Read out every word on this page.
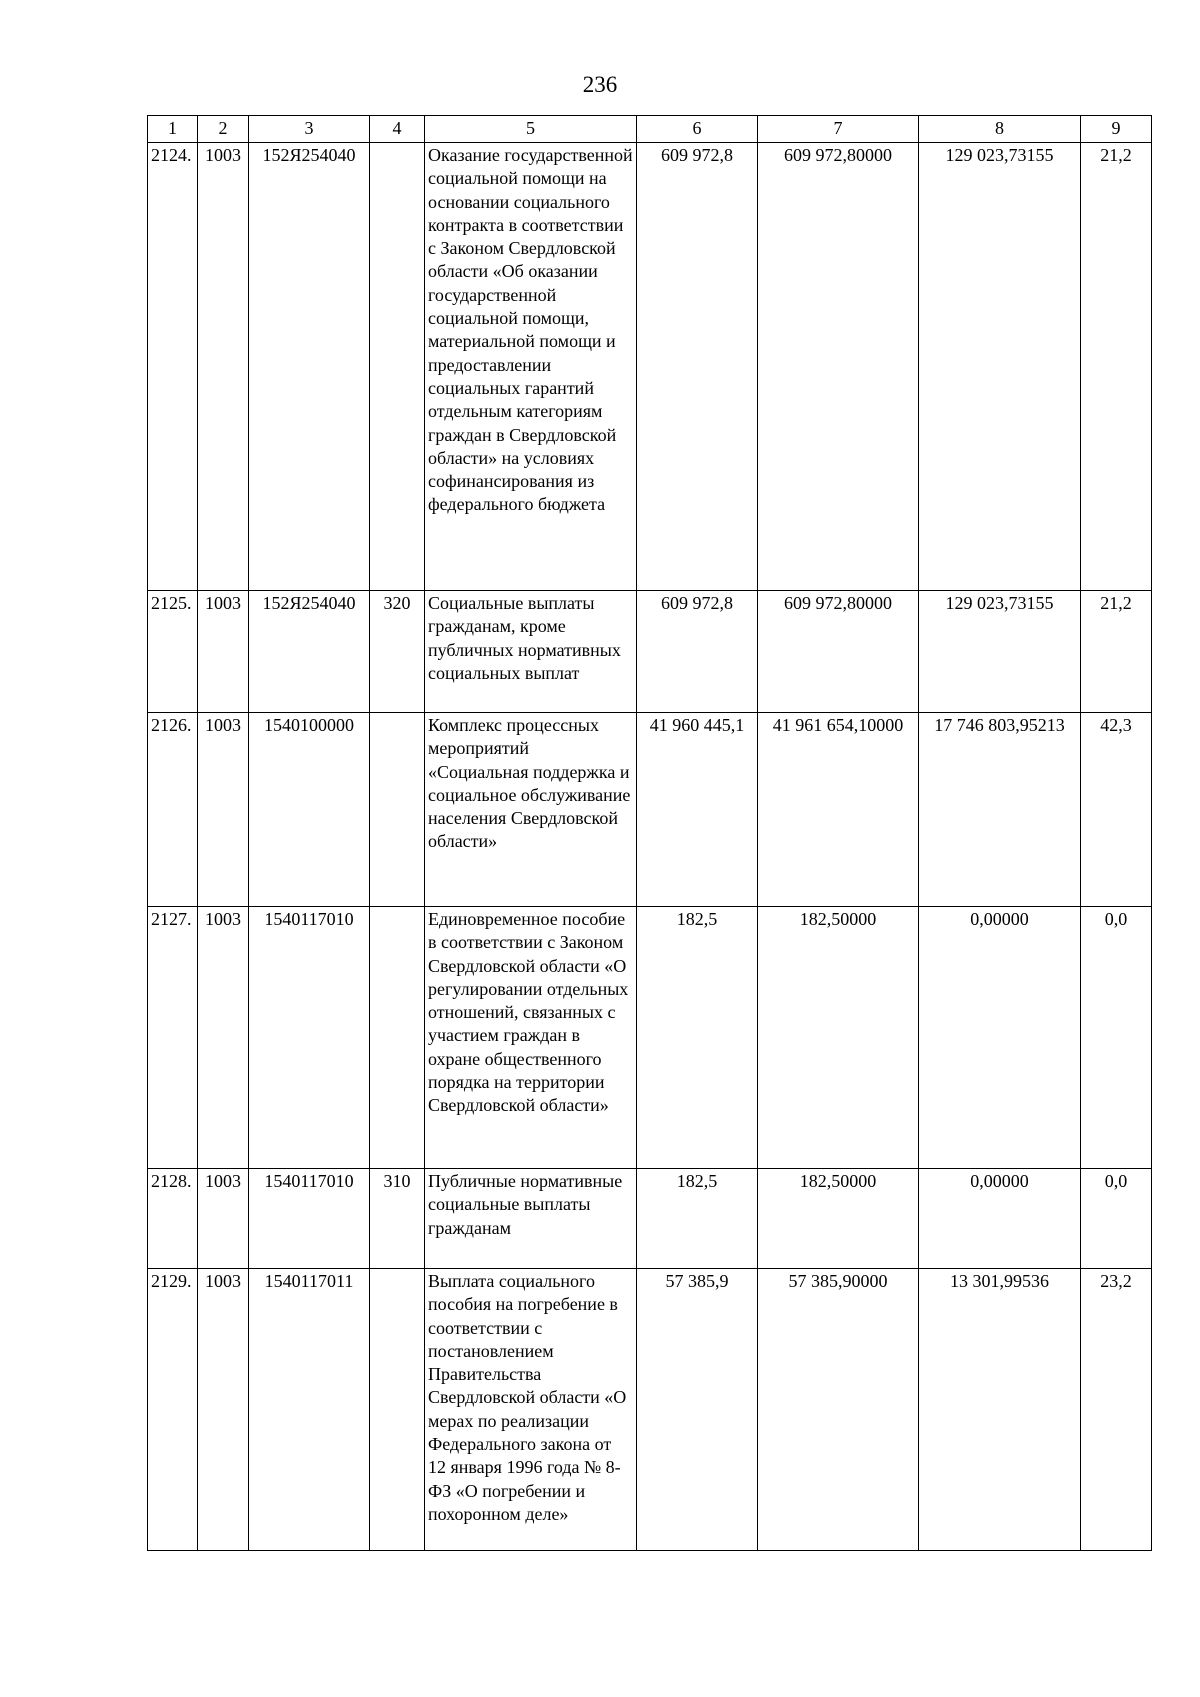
236
1	2	3	4	5	6	7	8	9
2124.	1003	152Я254040		Оказание государственной социальной помощи на основании социального контракта в соответствии с Законом Свердловской области «Об оказании государственной социальной помощи, материальной помощи и предоставлении социальных гарантий отдельным категориям граждан в Свердловской области» на условиях софинансирования из федерального бюджета	609 972,8	609 972,80000	129 023,73155	21,2
2125.	1003	152Я254040	320	Социальные выплаты гражданам, кроме публичных нормативных социальных выплат	609 972,8	609 972,80000	129 023,73155	21,2
2126.	1003	1540100000		Комплекс процессных мероприятий «Социальная поддержка и социальное обслуживание населения Свердловской области»	41 960 445,1	41 961 654,10000	17 746 803,95213	42,3
2127.	1003	1540117010		Единовременное пособие в соответствии с Законом Свердловской области «О регулировании отдельных отношений, связанных с участием граждан в охране общественного порядка на территории Свердловской области»	182,5	182,50000	0,00000	0,0
2128.	1003	1540117010	310	Публичные нормативные социальные выплаты гражданам	182,5	182,50000	0,00000	0,0
2129.	1003	1540117011		Выплата социального пособия на погребение в соответствии с постановлением Правительства Свердловской области «О мерах по реализации Федерального закона от 12 января 1996 года № 8-ФЗ «О погребении и похоронном деле»	57 385,9	57 385,90000	13 301,99536	23,2
